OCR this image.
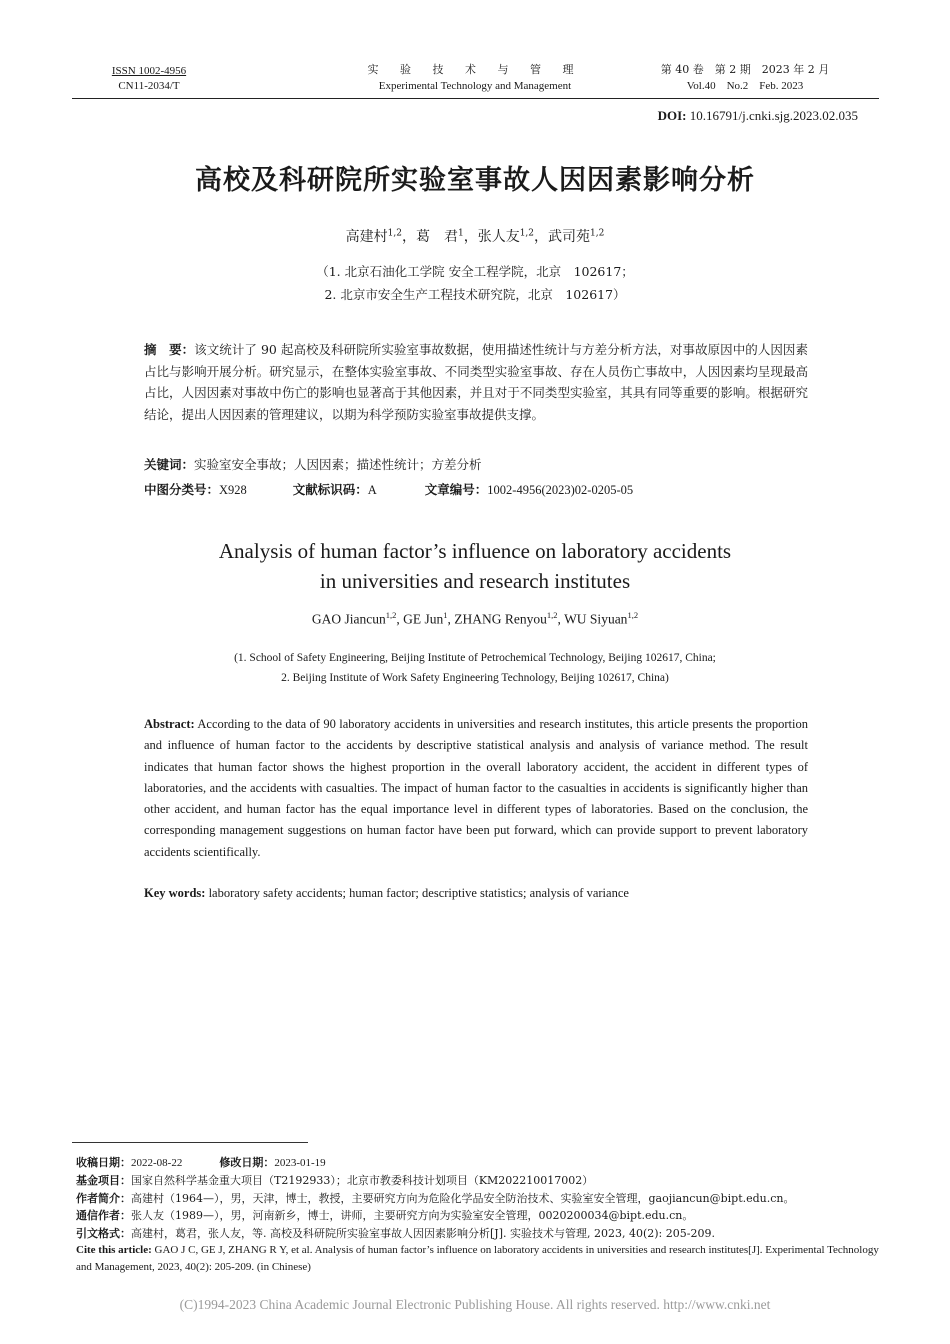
ISSN 1002-4956
CN11-2034/T
实 验 技 术 与 管 理
Experimental Technology and Management
第 40 卷　第 2 期　2023 年 2 月
Vol.40　No.2　Feb. 2023
DOI: 10.16791/j.cnki.sjg.2023.02.035
高校及科研院所实验室事故人因因素影响分析
高建村$^{1,2}$，葛　君$^1$，张人友$^{1,2}$，武司苑$^{1,2}$
（1. 北京石油化工学院 安全工程学院，北京　102617；
2. 北京市安全生产工程技术研究院，北京　102617）
摘　要：该文统计了 90 起高校及科研院所实验室事故数据，使用描述性统计与方差分析方法，对事故原因中的人因因素占比与影响开展分析。研究显示，在整体实验室事故、不同类型实验室事故、存在人员伤亡事故中，人因因素均呈现最高占比，人因因素对事故中伤亡的影响也显著高于其他因素，并且对于不同类型实验室，其具有同等重要的影响。根据研究结论，提出人因因素的管理建议，以期为科学预防实验室事故提供支撑。
关键词：实验室安全事故；人因因素；描述性统计；方差分析
中图分类号：X928	文献标识码：A	文章编号：1002-4956(2023)02-0205-05
Analysis of human factor’s influence on laboratory accidents
in universities and research institutes
GAO Jiancun$^{1,2}$, GE Jun$^1$, ZHANG Renyou$^{1,2}$, WU Siyuan$^{1,2}$
(1. School of Safety Engineering, Beijing Institute of Petrochemical Technology, Beijing 102617, China;
2. Beijing Institute of Work Safety Engineering Technology, Beijing 102617, China)
Abstract: According to the data of 90 laboratory accidents in universities and research institutes, this article presents the proportion and influence of human factor to the accidents by descriptive statistical analysis and analysis of variance method. The result indicates that human factor shows the highest proportion in the overall laboratory accident, the accident in different types of laboratories, and the accidents with casualties. The impact of human factor to the casualties in accidents is significantly higher than other accident, and human factor has the equal importance level in different types of laboratories. Based on the conclusion, the corresponding management suggestions on human factor have been put forward, which can provide support to prevent laboratory accidents scientifically.
Key words: laboratory safety accidents; human factor; descriptive statistics; analysis of variance
收稿日期：2022-08-22	修改日期：2023-01-19
基金项目：国家自然科学基金重大项目（T2192933）；北京市教委科技计划项目（KM202210017002）
作者简介：高建村（1964—），男，天津，博士，教授，主要研究方向为危险化学品安全防治技术、实验室安全管理，gaojiancun@bipt.edu.cn。
通信作者：张人友（1989—），男，河南新乡，博士，讲师，主要研究方向为实验室安全管理，0020200034@bipt.edu.cn。
引文格式：高建村，葛君，张人友，等. 高校及科研院所实验室事故人因因素影响分析[J]. 实验技术与管理, 2023, 40(2): 205-209.
Cite this article: GAO J C, GE J, ZHANG R Y, et al. Analysis of human factor’s influence on laboratory accidents in universities and research institutes[J]. Experimental Technology and Management, 2023, 40(2): 205-209. (in Chinese)
(C)1994-2023 China Academic Journal Electronic Publishing House. All rights reserved. http://www.cnki.net
